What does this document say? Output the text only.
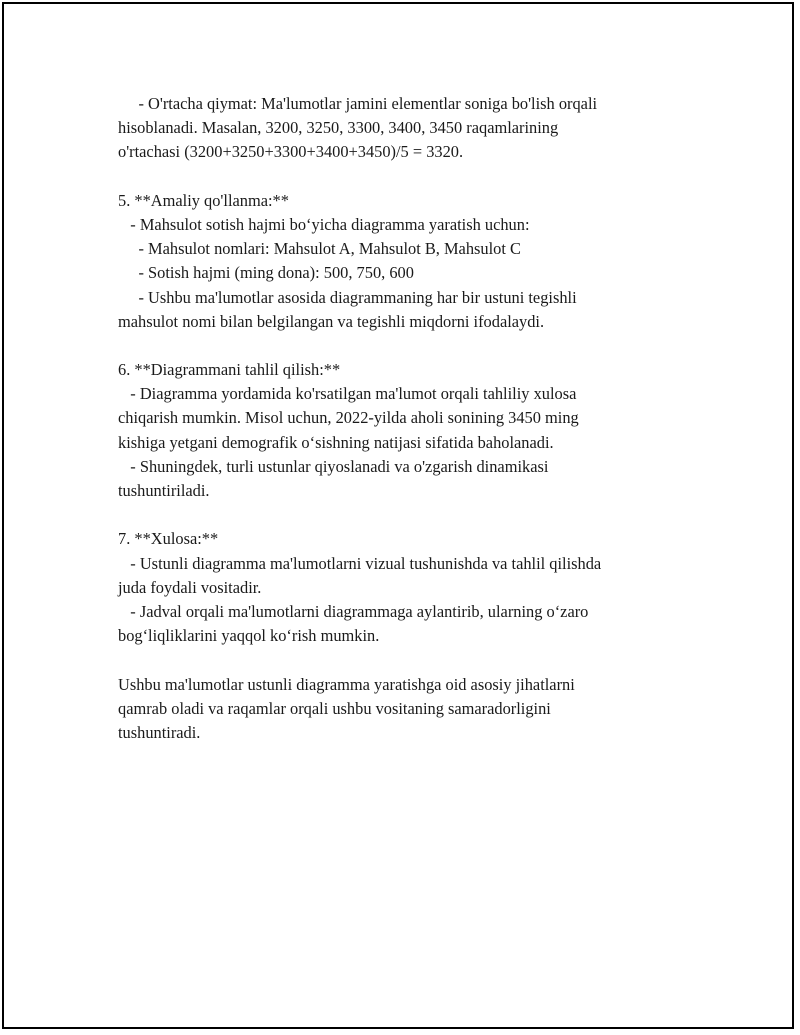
- O'rtacha qiymat: Ma'lumotlar jamini elementlar soniga bo'lish orqali

hisoblanadi. Masalan, 3200, 3250, 3300, 3400, 3450 raqamlarining

o'rtachasi (3200+3250+3300+3400+3450)/5 = 3320.

5. **Amaliy qo'llanma:**

- Mahsulot sotish hajmi bo‘yicha diagramma yaratish uchun:

- Mahsulot nomlari: Mahsulot A, Mahsulot B, Mahsulot C

- Sotish hajmi (ming dona): 500, 750, 600

- Ushbu ma'lumotlar asosida diagrammaning har bir ustuni tegishli

mahsulot nomi bilan belgilangan va tegishli miqdorni ifodalaydi.

6. **Diagrammani tahlil qilish:**

- Diagramma yordamida ko'rsatilgan ma'lumot orqali tahliliy xulosa

chiqarish mumkin. Misol uchun, 2022-yilda aholi sonining 3450 ming

kishiga yetgani demografik o‘sishning natijasi sifatida baholanadi.

- Shuningdek, turli ustunlar qiyoslanadi va o'zgarish dinamikasi

tushuntiriladi.

7. **Xulosa:**

- Ustunli diagramma ma'lumotlarni vizual tushunishda va tahlil qilishda

juda foydali vositadir.

- Jadval orqali ma'lumotlarni diagrammaga aylantirib, ularning o‘zaro

bog‘liqliklarini yaqqol ko‘rish mumkin.

Ushbu ma'lumotlar ustunli diagramma yaratishga oid asosiy jihatlarni

qamrab oladi va raqamlar orqali ushbu vositaning samaradorligini

tushuntiradi.
